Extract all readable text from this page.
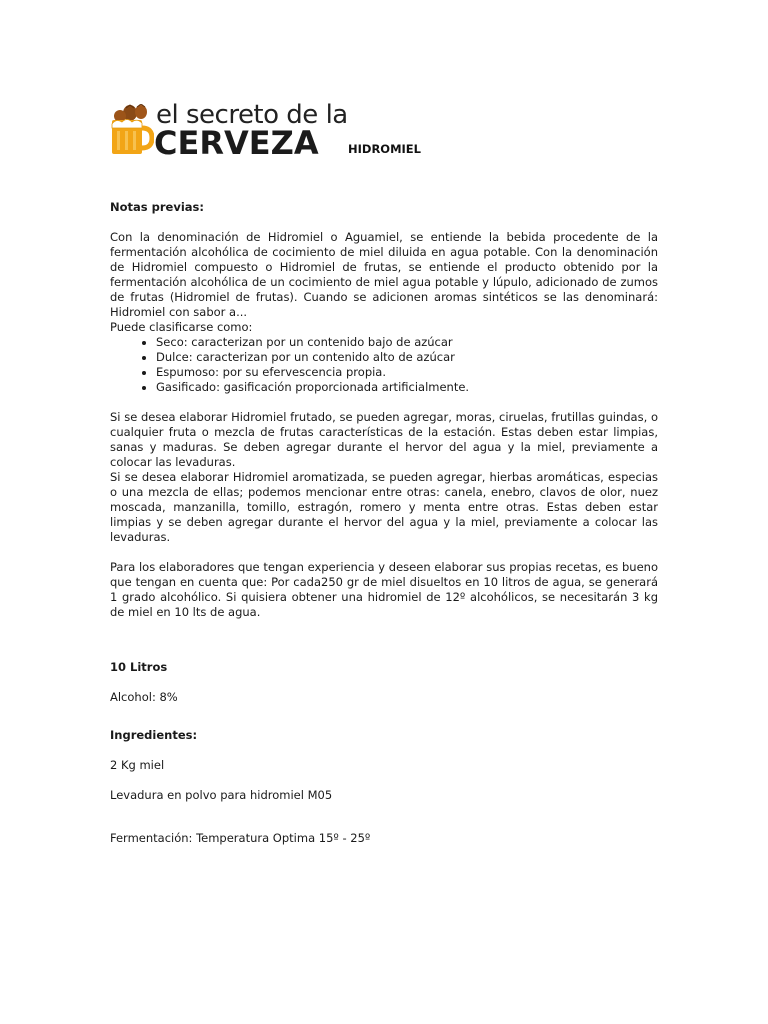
el secreto de la
CERVEZA	HIDROMIEL

Notas previas:

Con la denominación de Hidromiel o Aguamiel, se entiende la bebida procedente de la fermentación alcohólica de cocimiento de miel diluida en agua potable. Con la denominación de Hidromiel compuesto o Hidromiel de frutas, se entiende el producto obtenido por la fermentación alcohólica de un cocimiento de miel agua potable y lúpulo, adicionado de zumos de frutas (Hidromiel de frutas). Cuando se adicionen aromas sintéticos se las denominará: Hidromiel con sabor a...

Puede clasificarse como:

• Seco: caracterizan por un contenido bajo de azúcar
• Dulce: caracterizan por un contenido alto de azúcar
• Espumoso: por su efervescencia propia.
• Gasificado: gasificación proporcionada artificialmente.

Si se desea elaborar Hidromiel frutado, se pueden agregar, moras, ciruelas, frutillas guindas, o cualquier fruta o mezcla de frutas características de la estación. Estas deben estar limpias, sanas y maduras. Se deben agregar durante el hervor del agua y la miel, previamente a colocar las levaduras.

Si se desea elaborar Hidromiel aromatizada, se pueden agregar, hierbas aromáticas, especias o una mezcla de ellas; podemos mencionar entre otras: canela, enebro, clavos de olor, nuez moscada, manzanilla, tomillo, estragón, romero y menta entre otras. Estas deben estar limpias y se deben agregar durante el hervor del agua y la miel, previamente a colocar las levaduras.

Para los elaboradores que tengan experiencia y deseen elaborar sus propias recetas, es bueno que tengan en cuenta que: Por cada250 gr de miel disueltos en 10 litros de agua, se generará 1 grado alcohólico. Si quisiera obtener una hidromiel de 12º alcohólicos, se necesitarán 3 kg de miel en 10 lts de agua.

10 Litros

Alcohol: 8%

Ingredientes:

2 Kg miel

Levadura en polvo para hidromiel M05

Fermentación: Temperatura Optima 15º - 25º
